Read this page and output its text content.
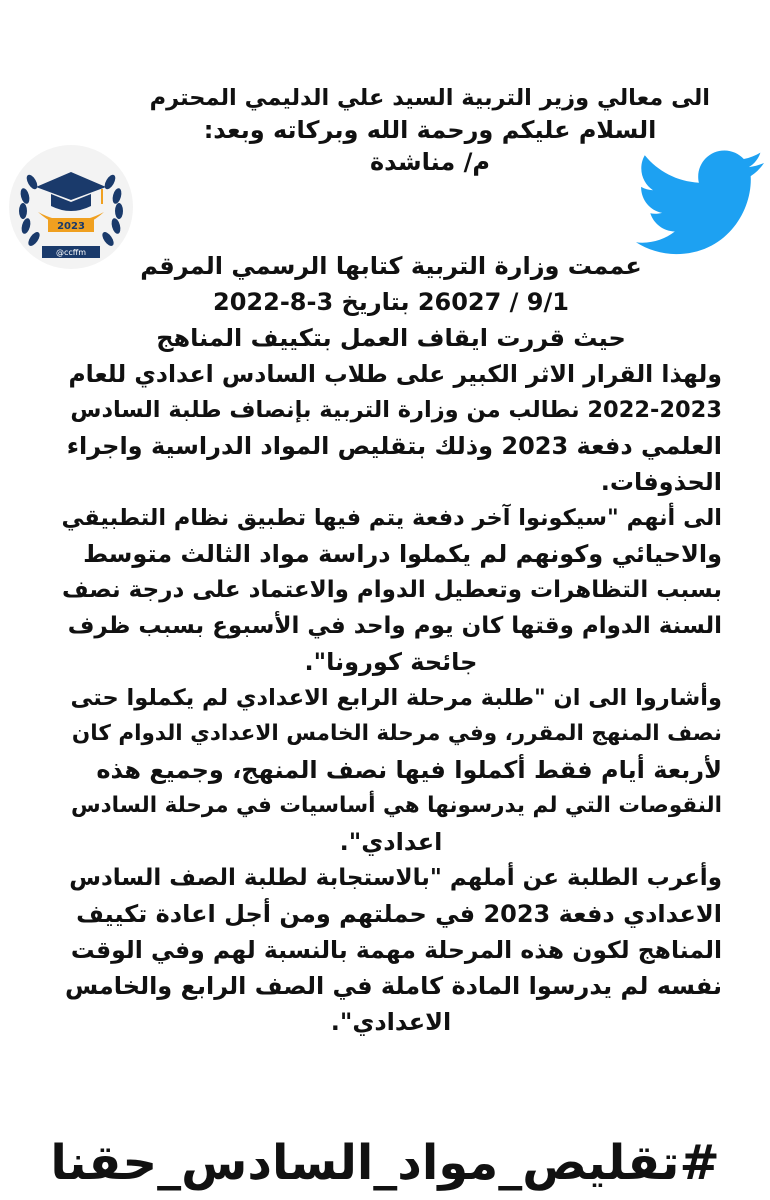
الى معالي وزير التربية السيد علي الدليمي المحترم
السلام عليكم ورحمة الله وبركاته وبعد:
م/ مناشدة
2023
@ccffm	عممت وزارة التربية كتابها الرسمي المرقم
9/1 / 26027 بتاريخ 3-8-2022
حيث قررت ايقاف العمل بتكييف المناهج
ولهذا القرار الاثر الكبير على طلاب السادس اعدادي للعام
2022-2023 نطالب من وزارة التربية بإنصاف طلبة السادس
العلمي دفعة 2023 وذلك بتقليص المواد الدراسية واجراء
الحذوفات.
الى أنهم "سيكونوا آخر دفعة يتم فيها تطبيق نظام التطبيقي
والاحيائي وكونهم لم يكملوا دراسة مواد الثالث متوسط
بسبب التظاهرات وتعطيل الدوام والاعتماد على درجة نصف
السنة الدوام وقتها كان يوم واحد في الأسبوع بسبب ظرف
جائحة كورونا".
وأشاروا الى ان "طلبة مرحلة الرابع الاعدادي لم يكملوا حتى
نصف المنهج المقرر، وفي مرحلة الخامس الاعدادي الدوام كان
لأربعة أيام فقط أكملوا فيها نصف المنهج، وجميع هذه
النقوصات التي لم يدرسونها هي أساسيات في مرحلة السادس
اعدادي".
وأعرب الطلبة عن أملهم "بالاستجابة لطلبة الصف السادس
الاعدادي دفعة 2023 في حملتهم ومن أجل اعادة تكييف
المناهج لكون هذه المرحلة مهمة بالنسبة لهم وفي الوقت
نفسه لم يدرسوا المادة كاملة في الصف الرابع والخامس
الاعدادي".
#تقليص_مواد_السادس_حقنا
